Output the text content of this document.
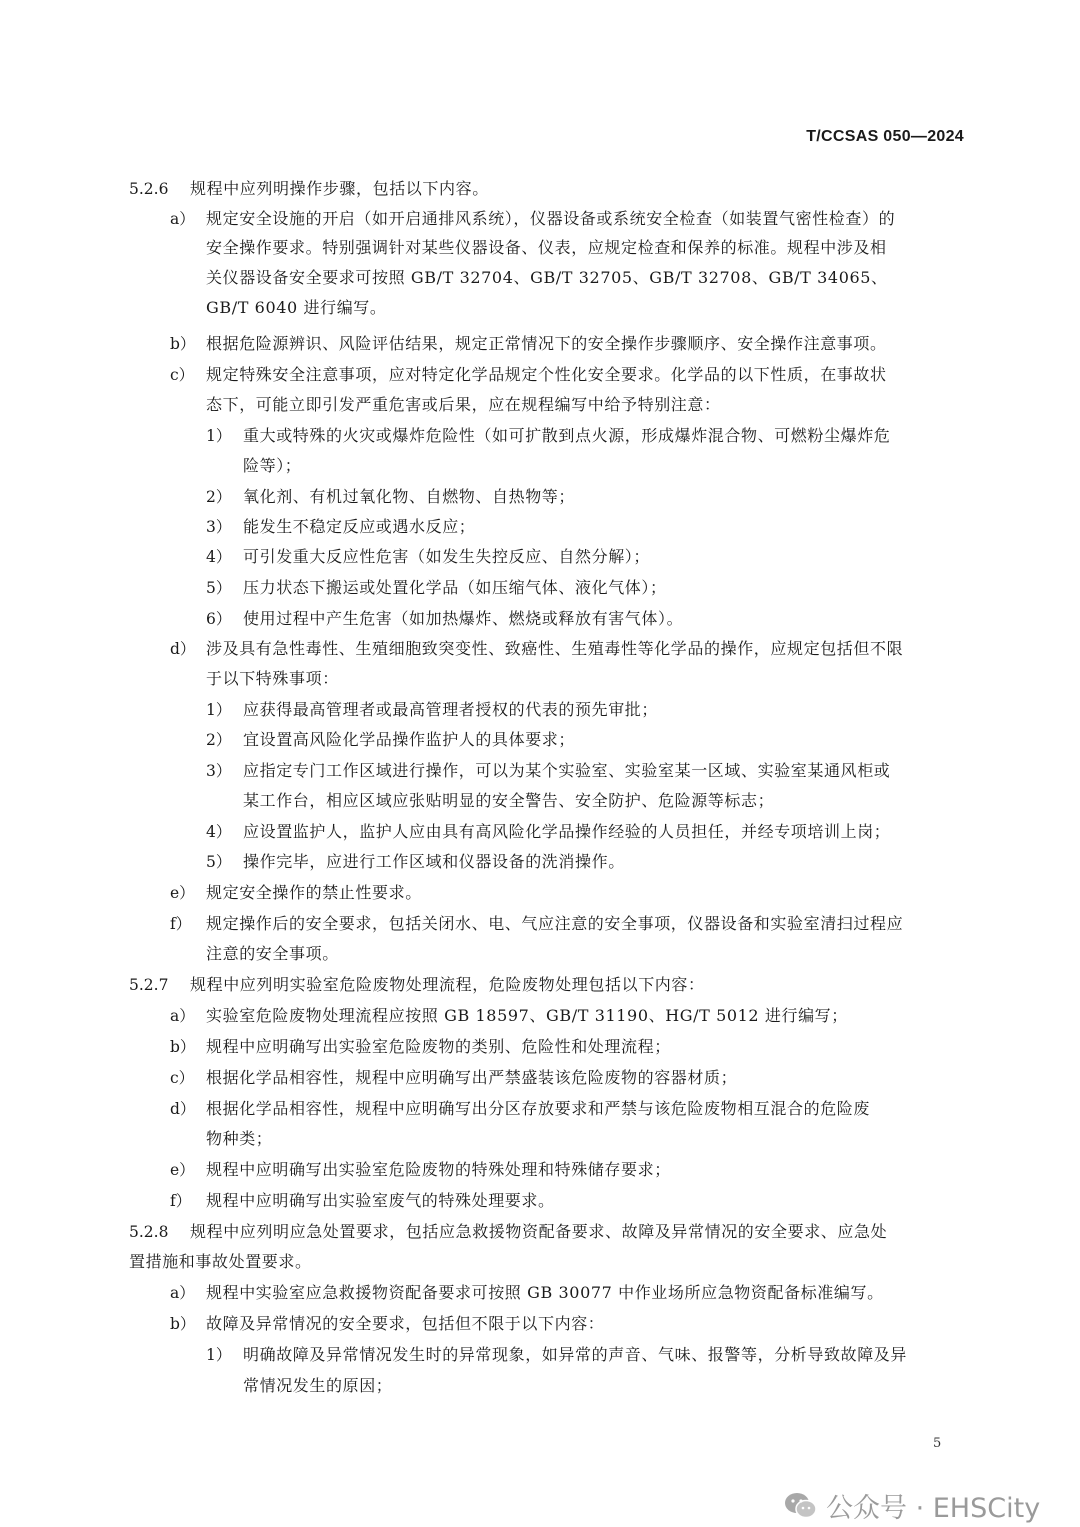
T/CCSAS 050—2024
5.2.6 规程中应列明操作步骤，包括以下内容。
a） 规定安全设施的开启（如开启通排风系统），仪器设备或系统安全检查（如装置气密性检查）的
安全操作要求。特别强调针对某些仪器设备、仪表，应规定检查和保养的标准。规程中涉及相
关仪器设备安全要求可按照 GB/T 32704、GB/T 32705、GB/T 32708、GB/T 34065、
GB/T 6040 进行编写。
b） 根据危险源辨识、风险评估结果，规定正常情况下的安全操作步骤顺序、安全操作注意事项。
c） 规定特殊安全注意事项，应对特定化学品规定个性化安全要求。化学品的以下性质，在事故状
态下，可能立即引发严重危害或后果，应在规程编写中给予特别注意：
1） 重大或特殊的火灾或爆炸危险性（如可扩散到点火源，形成爆炸混合物、可燃粉尘爆炸危
险等）；
2） 氧化剂、有机过氧化物、自燃物、自热物等；
3） 能发生不稳定反应或遇水反应；
4） 可引发重大反应性危害（如发生失控反应、自然分解）；
5） 压力状态下搬运或处置化学品（如压缩气体、液化气体）；
6） 使用过程中产生危害（如加热爆炸、燃烧或释放有害气体）。
d） 涉及具有急性毒性、生殖细胞致突变性、致癌性、生殖毒性等化学品的操作，应规定包括但不限
于以下特殊事项：
1） 应获得最高管理者或最高管理者授权的代表的预先审批；
2） 宜设置高风险化学品操作监护人的具体要求；
3） 应指定专门工作区域进行操作，可以为某个实验室、实验室某一区域、实验室某通风柜或
某工作台，相应区域应张贴明显的安全警告、安全防护、危险源等标志；
4） 应设置监护人，监护人应由具有高风险化学品操作经验的人员担任，并经专项培训上岗；
5） 操作完毕，应进行工作区域和仪器设备的洗消操作。
e） 规定安全操作的禁止性要求。
f） 规定操作后的安全要求，包括关闭水、电、气应注意的安全事项，仪器设备和实验室清扫过程应
注意的安全事项。
5.2.7 规程中应列明实验室危险废物处理流程，危险废物处理包括以下内容：
a） 实验室危险废物处理流程应按照 GB 18597、GB/T 31190、HG/T 5012 进行编写；
b） 规程中应明确写出实验室危险废物的类别、危险性和处理流程；
c） 根据化学品相容性，规程中应明确写出严禁盛装该危险废物的容器材质；
d） 根据化学品相容性，规程中应明确写出分区存放要求和严禁与该危险废物相互混合的危险废
物种类；
e） 规程中应明确写出实验室危险废物的特殊处理和特殊储存要求；
f） 规程中应明确写出实验室废气的特殊处理要求。
5.2.8 规程中应列明应急处置要求，包括应急救援物资配备要求、故障及异常情况的安全要求、应急处
置措施和事故处置要求。
a） 规程中实验室应急救援物资配备要求可按照 GB 30077 中作业场所应急物资配备标准编写。
b） 故障及异常情况的安全要求，包括但不限于以下内容：
1） 明确故障及异常情况发生时的异常现象，如异常的声音、气味、报警等，分析导致故障及异
常情况发生的原因；
5
公众号 · EHSCity
